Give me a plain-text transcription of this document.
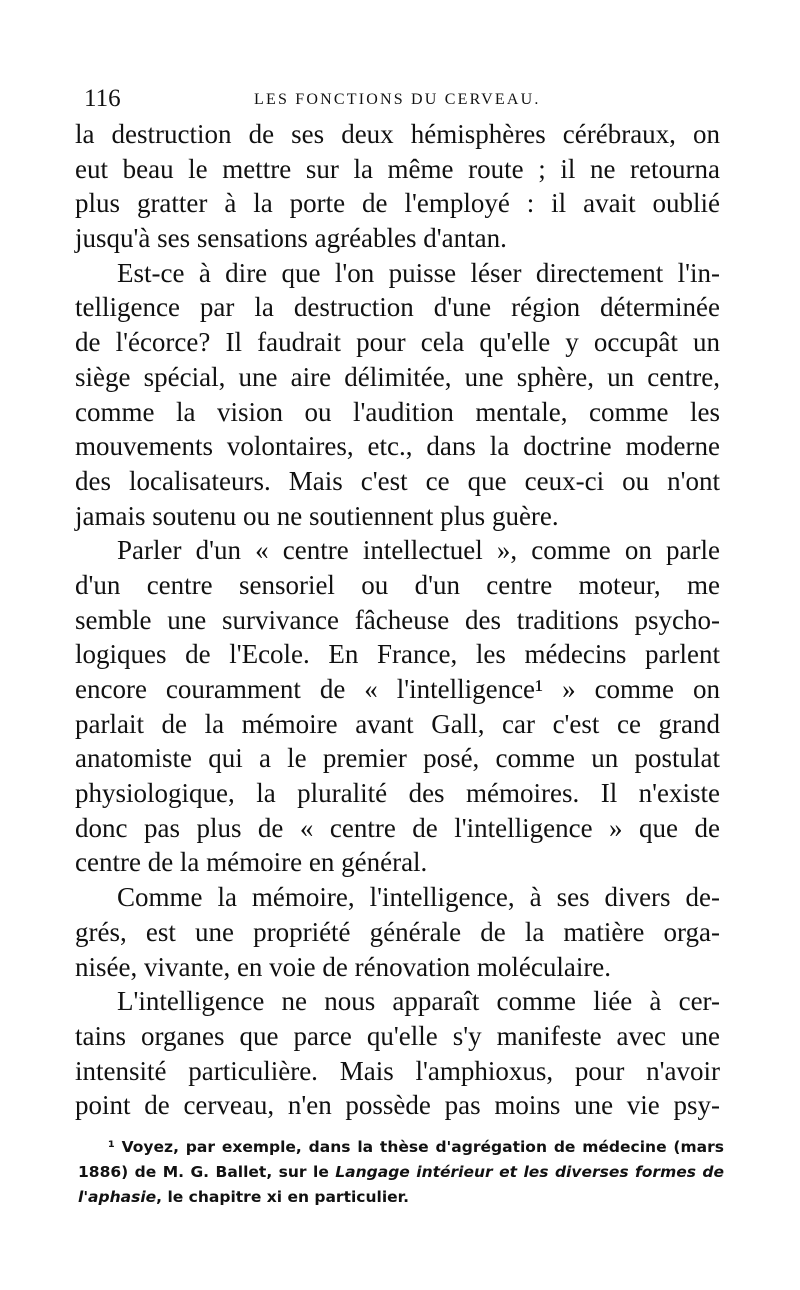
116	LES FONCTIONS DU CERVEAU.
la destruction de ses deux hémisphères cérébraux, on
eut beau le mettre sur la même route ; il ne retourna
plus gratter à la porte de l'employé : il avait oublié
jusqu'à ses sensations agréables d'antan.
Est-ce à dire que l'on puisse léser directement l'in-
telligence par la destruction d'une région déterminée
de l'écorce? Il faudrait pour cela qu'elle y occupât un
siège spécial, une aire délimitée, une sphère, un centre,
comme la vision ou l'audition mentale, comme les
mouvements volontaires, etc., dans la doctrine moderne
des localisateurs. Mais c'est ce que ceux-ci ou n'ont
jamais soutenu ou ne soutiennent plus guère.
Parler d'un « centre intellectuel », comme on parle
d'un centre sensoriel ou d'un centre moteur, me
semble une survivance fâcheuse des traditions psycho-
logiques de l'Ecole. En France, les médecins parlent
encore couramment de « l'intelligence¹ » comme on
parlait de la mémoire avant Gall, car c'est ce grand
anatomiste qui a le premier posé, comme un postulat
physiologique, la pluralité des mémoires. Il n'existe
donc pas plus de « centre de l'intelligence » que de
centre de la mémoire en général.
Comme la mémoire, l'intelligence, à ses divers de-
grés, est une propriété générale de la matière orga-
nisée, vivante, en voie de rénovation moléculaire.
L'intelligence ne nous apparaît comme liée à cer-
tains organes que parce qu'elle s'y manifeste avec une
intensité particulière. Mais l'amphioxus, pour n'avoir
point de cerveau, n'en possède pas moins une vie psy-
¹ Voyez, par exemple, dans la thèse d'agrégation de médecine (mars
1886) de M. G. Ballet, sur le Langage intérieur et les diverses formes de
l'aphasie, le chapitre xi en particulier.
